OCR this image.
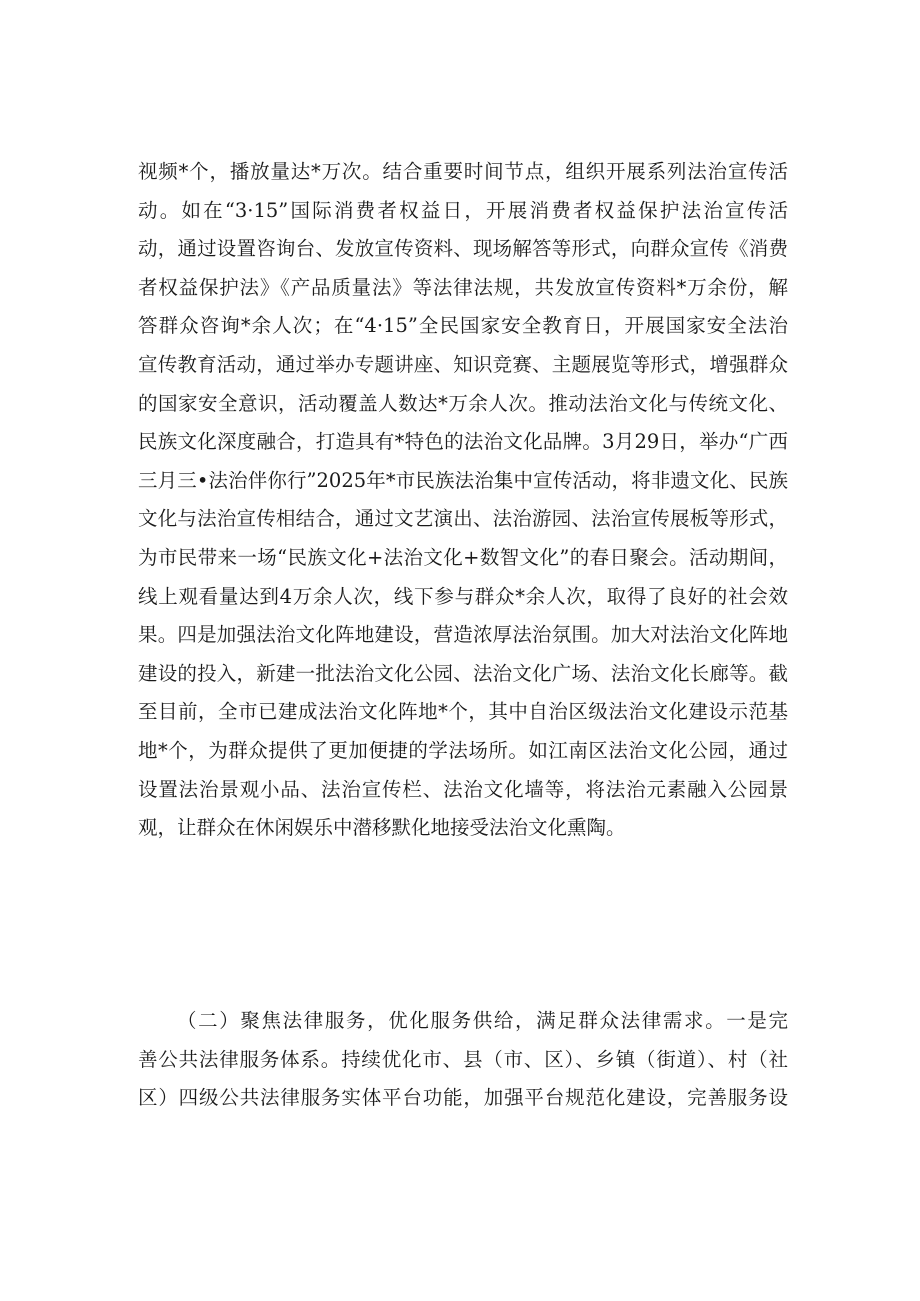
视频*个，播放量达*万次。结合重要时间节点，组织开展系列法治宣传活
动。如在“3·15”国际消费者权益日，开展消费者权益保护法治宣传活
动，通过设置咨询台、发放宣传资料、现场解答等形式，向群众宣传《消费
者权益保护法》《产品质量法》等法律法规，共发放宣传资料*万余份，解
答群众咨询*余人次；在“4·15”全民国家安全教育日，开展国家安全法治
宣传教育活动，通过举办专题讲座、知识竞赛、主题展览等形式，增强群众
的国家安全意识，活动覆盖人数达*万余人次。推动法治文化与传统文化、
民族文化深度融合，打造具有*特色的法治文化品牌。3月29日，举办“广西
三月三•法治伴你行”2025年*市民族法治集中宣传活动，将非遗文化、民族
文化与法治宣传相结合，通过文艺演出、法治游园、法治宣传展板等形式，
为市民带来一场“民族文化+法治文化+数智文化”的春日聚会。活动期间，
线上观看量达到4万余人次，线下参与群众*余人次，取得了良好的社会效
果。四是加强法治文化阵地建设，营造浓厚法治氛围。加大对法治文化阵地
建设的投入，新建一批法治文化公园、法治文化广场、法治文化长廊等。截
至目前，全市已建成法治文化阵地*个，其中自治区级法治文化建设示范基
地*个，为群众提供了更加便捷的学法场所。如江南区法治文化公园，通过
设置法治景观小品、法治宣传栏、法治文化墙等，将法治元素融入公园景
观，让群众在休闲娱乐中潜移默化地接受法治文化熏陶。
（二）聚焦法律服务，优化服务供给，满足群众法律需求。一是完
善公共法律服务体系。持续优化市、县（市、区）、乡镇（街道）、村（社
区）四级公共法律服务实体平台功能，加强平台规范化建设，完善服务设
